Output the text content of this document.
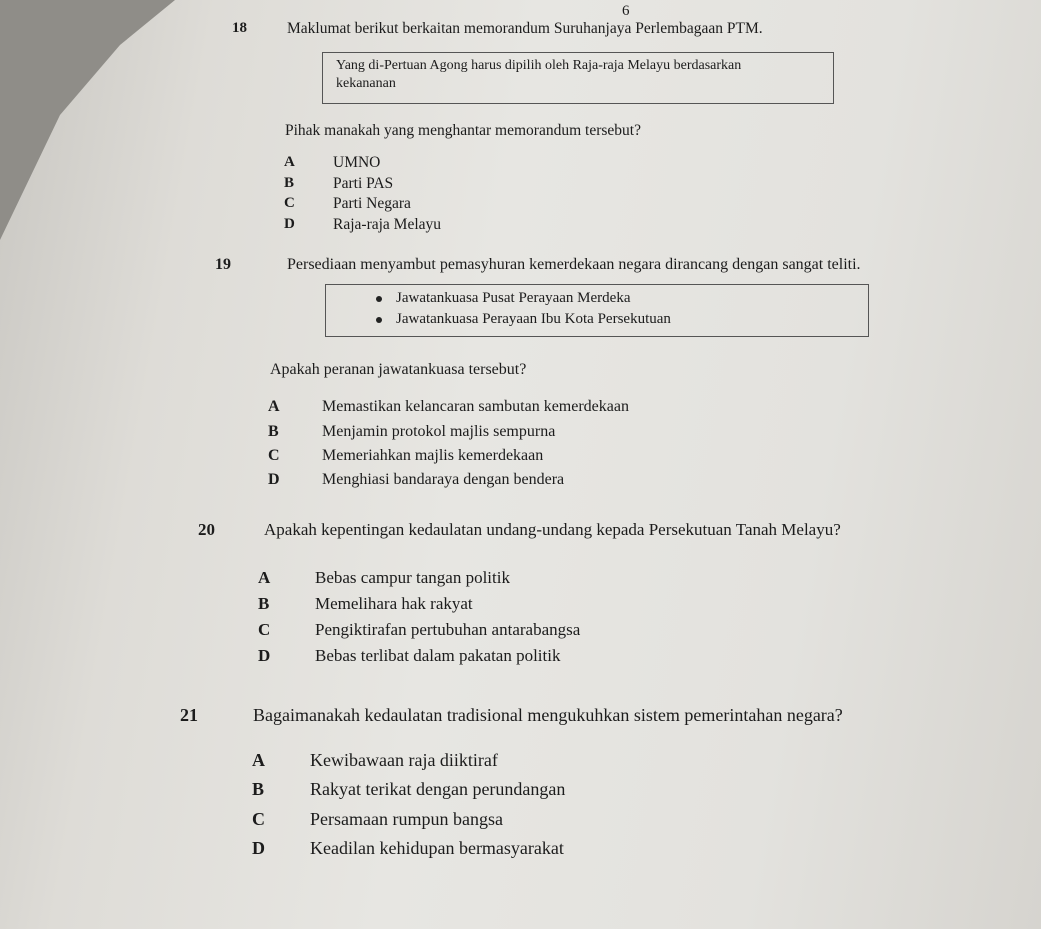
6
18	Maklumat berikut berkaitan memorandum Suruhanjaya Perlembagaan PTM.
Yang di-Pertuan Agong harus dipilih oleh Raja-raja Melayu berdasarkan
kekananan
Pihak manakah yang menghantar memorandum tersebut?
A UMNO
B	Parti PAS
C Parti Negara
D Raja-raja Melayu
19	Persediaan menyambut pemasyhuran kemerdekaan negara dirancang dengan sangat teliti.
Jawatankuasa Pusat Perayaan Merdeka
Jawatankuasa Perayaan Ibu Kota Persekutuan
Apakah peranan jawatankuasa tersebut?
A	Memastikan kelancaran sambutan kemerdekaan
B	Menjamin protokol majlis sempurna
C	Memeriahkan majlis kemerdekaan
D	Menghiasi bandaraya dengan bendera
20	Apakah kepentingan kedaulatan undang-undang kepada Persekutuan Tanah Melayu?
A	Bebas campur tangan politik
B	Memelihara hak rakyat
C	Pengiktirafan pertubuhan antarabangsa
D	Bebas terlibat dalam pakatan politik
21	Bagaimanakah kedaulatan tradisional mengukuhkan sistem pemerintahan negara?
A	Kewibawaan raja diiktiraf
B	Rakyat terikat dengan perundangan
C	Persamaan rumpun bangsa
D	Keadilan kehidupan bermasyarakat
